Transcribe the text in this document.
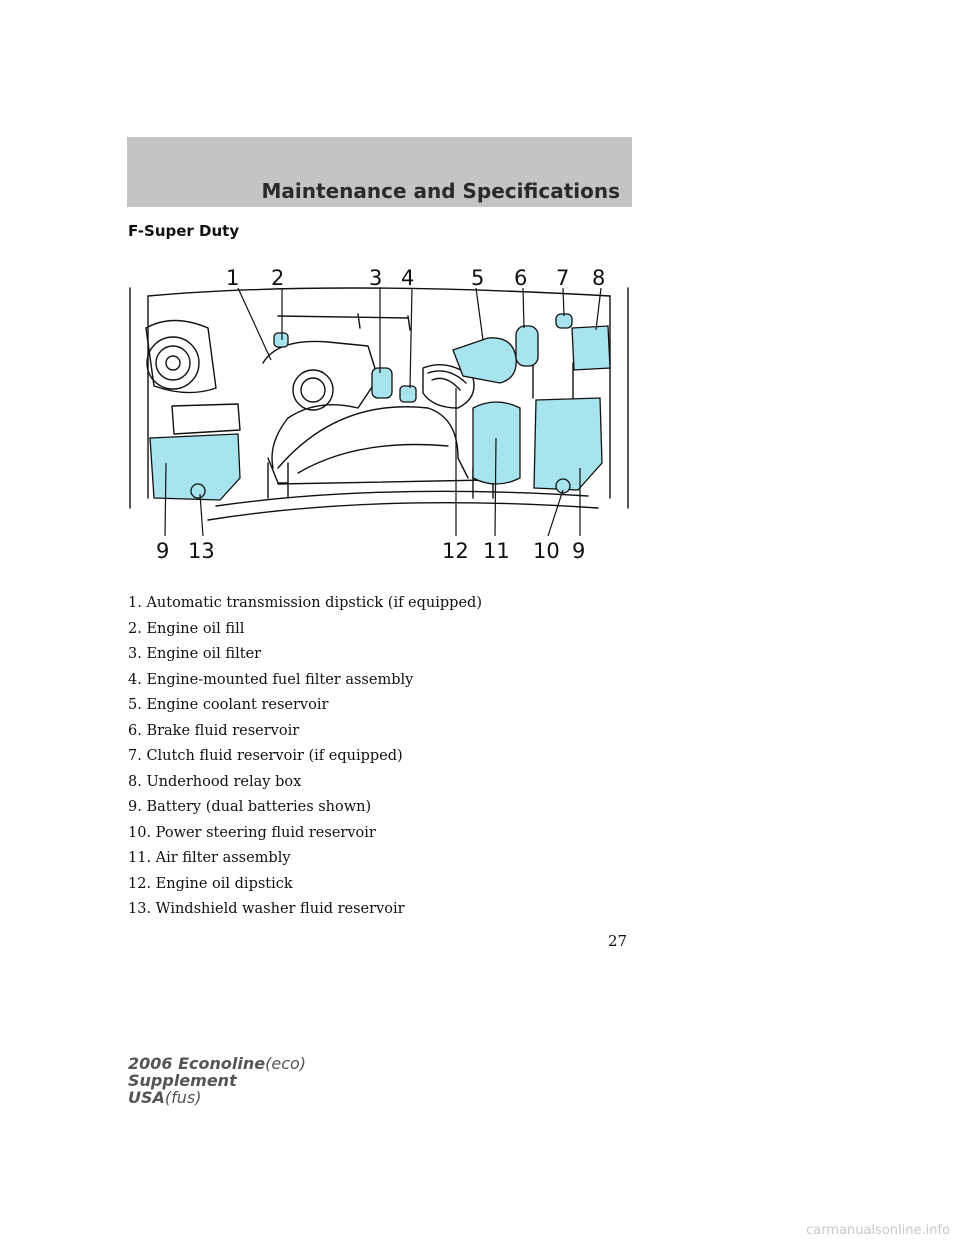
Maintenance and Specifications
F-Super Duty
1 2	3 4	5 6 7 8
9 13	12 11 10 9
1. Automatic transmission dipstick (if equipped)
2. Engine oil fill
3. Engine oil filter
4. Engine-mounted fuel filter assembly
5. Engine coolant reservoir
6. Brake fluid reservoir
7. Clutch fluid reservoir (if equipped)
8. Underhood relay box
9. Battery (dual batteries shown)
10. Power steering fluid reservoir
11. Air filter assembly
12. Engine oil dipstick
13. Windshield washer fluid reservoir
27
2006 Econoline(eco)
Supplement
USA(fus)
carmanualsonline.info
